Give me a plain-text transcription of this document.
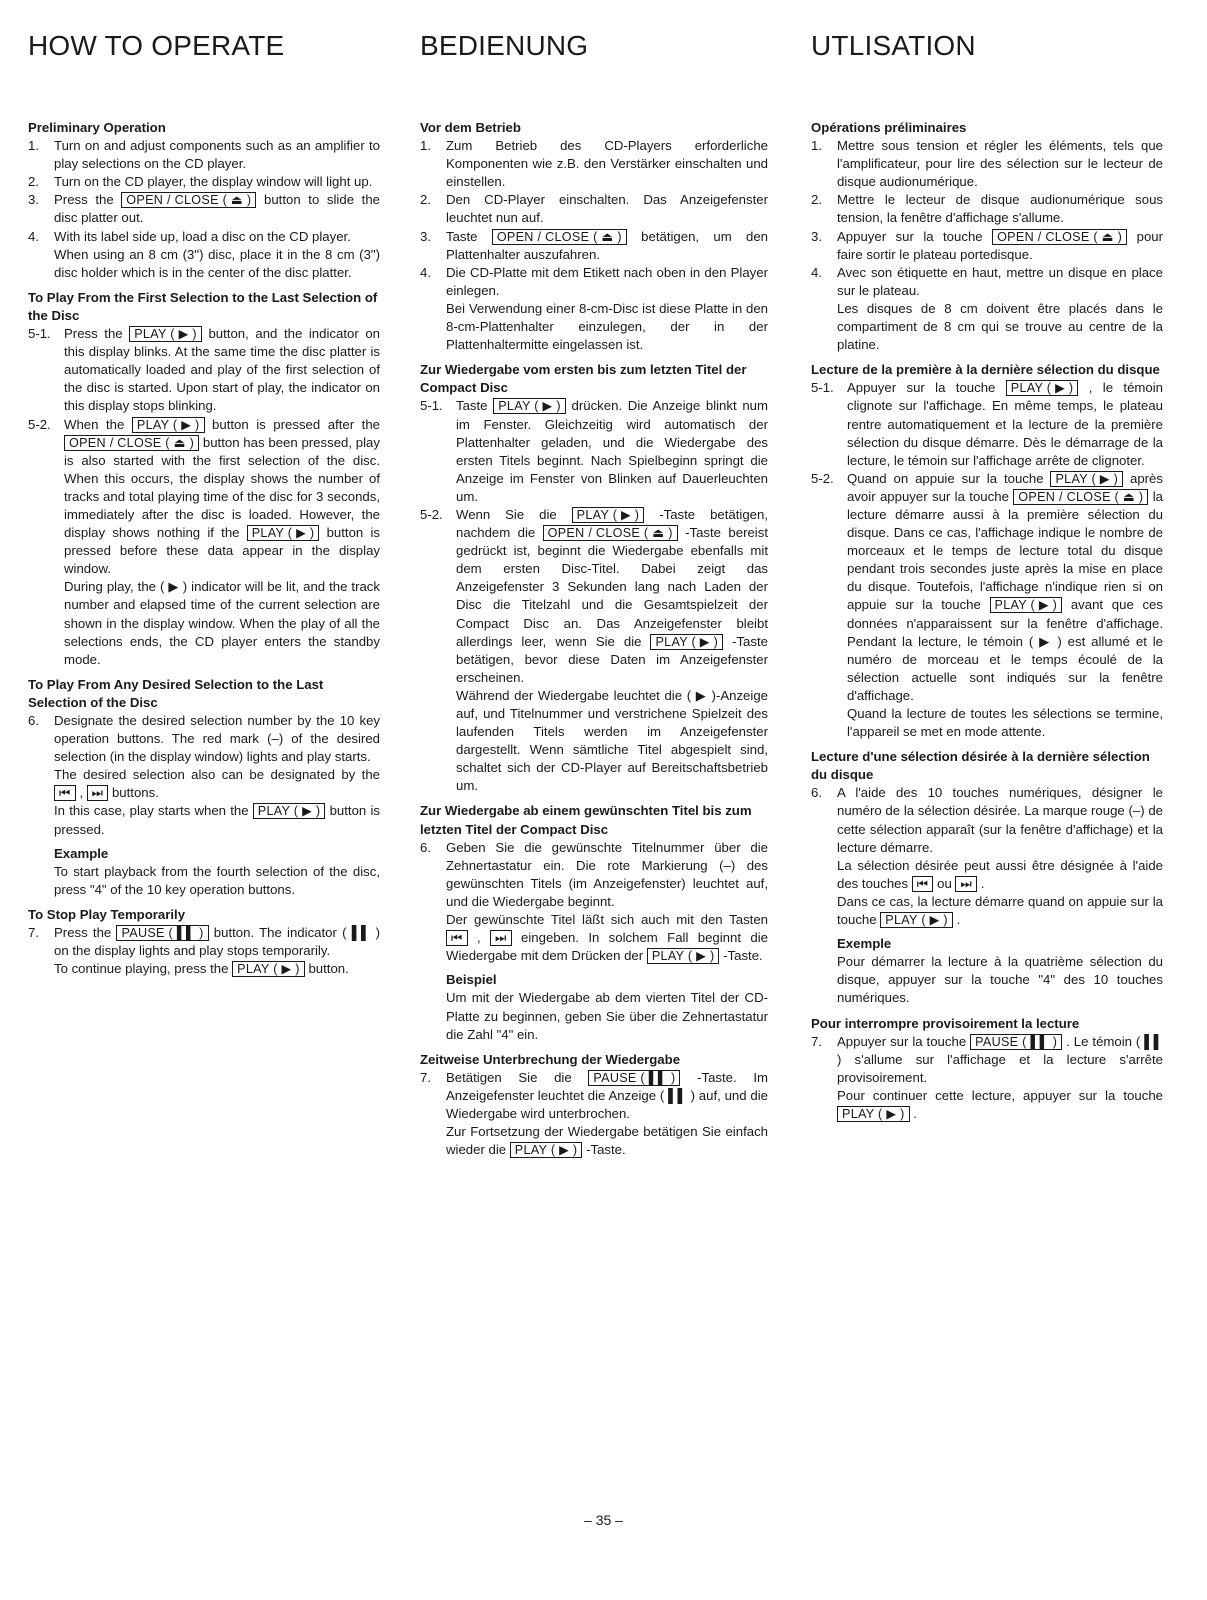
HOW TO OPERATE
Preliminary Operation
1.	Turn on and adjust components such as an amplifier to play selections on the CD player.
2.	Turn on the CD player, the display window will light up.
3.	Press the OPEN / CLOSE ( ⏏ ) button to slide the disc platter out.
4.	With its label side up, load a disc on the CD player.

When using an 8 cm (3") disc, place it in the 8 cm (3") disc holder which is in the center of the disc platter.

To Play From the First Selection to the Last Selection of the Disc
5-1.	Press the PLAY ( ▶ ) button, and the indicator on this display blinks. At the same time the disc platter is automatically loaded and play of the first selection of the disc is started. Upon start of play, the indicator on this display stops blinking.
5-2.	When the PLAY ( ▶ ) button is pressed after the OPEN / CLOSE ( ⏏ ) button has been pressed, play is also started with the first selection of the disc. When this occurs, the display shows the number of tracks and total playing time of the disc for 3 seconds, immediately after the disc is loaded. However, the display shows nothing if the PLAY ( ▶ ) button is pressed before these data appear in the display window.

During play, the ( ▶ ) indicator will be lit, and the track number and elapsed time of the current selection are shown in the display window. When the play of all the selections ends, the CD player enters the standby mode.

To Play From Any Desired Selection to the Last Selection of the Disc
6.	Designate the desired selection number by the 10 key operation buttons. The red mark (–) of the desired selection (in the display window) lights and play starts.

The desired selection also can be designated by the ⏮ , ⏭ buttons.

In this case, play starts when the PLAY ( ▶ ) button is pressed.

Example

To start playback from the fourth selection of the disc, press "4" of the 10 key operation buttons.

To Stop Play Temporarily
7.	Press the PAUSE ( ▌▌ ) button. The indicator ( ▌▌ ) on the display lights and play stops temporarily.

To continue playing, press the PLAY ( ▶ ) button.

BEDIENUNG
Vor dem Betrieb
1.	Zum Betrieb des CD-Players erforderliche Komponenten wie z.B. den Verstärker einschalten und einstellen.
2.	Den CD-Player einschalten. Das Anzeigefenster leuchtet nun auf.
3.	Taste OPEN / CLOSE ( ⏏ ) betätigen, um den Plattenhalter auszufahren.
4.	Die CD-Platte mit dem Etikett nach oben in den Player einlegen.

Bei Verwendung einer 8-cm-Disc ist diese Platte in den 8-cm-Plattenhalter einzulegen, der in der Plattenhaltermitte eingelassen ist.

Zur Wiedergabe vom ersten bis zum letzten Titel der Compact Disc
5-1.	Taste PLAY ( ▶ ) drücken. Die Anzeige blinkt num im Fenster. Gleichzeitig wird automatisch der Plattenhalter geladen, und die Wiedergabe des ersten Titels beginnt. Nach Spielbeginn springt die Anzeige im Fenster von Blinken auf Dauerleuchten um.
5-2.	Wenn Sie die PLAY ( ▶ ) -Taste betätigen, nachdem die OPEN / CLOSE ( ⏏ ) -Taste bereist gedrückt ist, beginnt die Wiedergabe ebenfalls mit dem ersten Disc-Titel. Dabei zeigt das Anzeigefenster 3 Sekunden lang nach Laden der Disc die Titelzahl und die Gesamtspielzeit der Compact Disc an. Das Anzeigefenster bleibt allerdings leer, wenn Sie die PLAY ( ▶ ) -Taste betätigen, bevor diese Daten im Anzeigefenster erscheinen.

Während der Wiedergabe leuchtet die ( ▶ )-Anzeige auf, und Titelnummer und verstrichene Spielzeit des laufenden Titels werden im Anzeigefenster dargestellt. Wenn sämtliche Titel abgespielt sind, schaltet sich der CD-Player auf Bereitschaftsbetrieb um.

Zur Wiedergabe ab einem gewünschten Titel bis zum letzten Titel der Compact Disc
6.	Geben Sie die gewünschte Titelnummer über die Zehnertastatur ein. Die rote Markierung (–) des gewünschten Titels (im Anzeigefenster) leuchtet auf, und die Wiedergabe beginnt.

Der gewünschte Titel läßt sich auch mit den Tasten ⏮ , ⏭ eingeben. In solchem Fall beginnt die Wiedergabe mit dem Drücken der PLAY ( ▶ ) -Taste.

Beispiel

Um mit der Wiedergabe ab dem vierten Titel der CD-Platte zu beginnen, geben Sie über die Zehnertastatur die Zahl "4" ein.

Zeitweise Unterbrechung der Wiedergabe
7.	Betätigen Sie die PAUSE ( ▌▌ ) -Taste. Im Anzeigefenster leuchtet die Anzeige ( ▌▌ ) auf, und die Wiedergabe wird unterbrochen.

Zur Fortsetzung der Wiedergabe betätigen Sie einfach wieder die PLAY ( ▶ ) -Taste.

UTLISATION
Opérations préliminaires
1.	Mettre sous tension et régler les éléments, tels que l'amplificateur, pour lire des sélection sur le lecteur de disque audionumérique.
2.	Mettre le lecteur de disque audionumérique sous tension, la fenêtre d'affichage s'allume.
3.	Appuyer sur la touche OPEN / CLOSE ( ⏏ ) pour faire sortir le plateau portedisque.
4.	Avec son étiquette en haut, mettre un disque en place sur le plateau.

Les disques de 8 cm doivent être placés dans le compartiment de 8 cm qui se trouve au centre de la platine.

Lecture de la première à la dernière sélection du disque
5-1.	Appuyer sur la touche PLAY ( ▶ ) , le témoin clignote sur l'affichage. En même temps, le plateau rentre automatiquement et la lecture de la première sélection du disque démarre. Dès le démarrage de la lecture, le témoin sur l'affichage arrête de clignoter.
5-2.	Quand on appuie sur la touche PLAY ( ▶ ) après avoir appuyer sur la touche OPEN / CLOSE ( ⏏ ) la lecture démarre aussi à la première sélection du disque. Dans ce cas, l'affichage indique le nombre de morceaux et le temps de lecture total du disque pendant trois secondes juste après la mise en place du disque. Toutefois, l'affichage n'indique rien si on appuie sur la touche PLAY ( ▶ ) avant que ces données n'apparaissent sur la fenêtre d'affichage. Pendant la lecture, le témoin ( ▶ ) est allumé et le numéro de morceau et le temps écoulé de la sélection actuelle sont indiqués sur la fenêtre d'affichage.

Quand la lecture de toutes les sélections se termine, l'appareil se met en mode attente.

Lecture d'une sélection désirée à la dernière sélection du disque
6.	A l'aide des 10 touches numériques, désigner le numéro de la sélection désirée. La marque rouge (–) de cette sélection apparaît (sur la fenêtre d'affichage) et la lecture démarre.

La sélection désirée peut aussi être désignée à l'aide des touches ⏮ ou ⏭ .

Dans ce cas, la lecture démarre quand on appuie sur la touche PLAY ( ▶ ) .

Exemple

Pour démarrer la lecture à la quatrième sélection du disque, appuyer sur la touche "4" des 10 touches numériques.

Pour interrompre provisoirement la lecture
7.	Appuyer sur la touche PAUSE ( ▌▌ ) . Le témoin ( ▌▌ ) s'allume sur l'affichage et la lecture s'arrête provisoirement.

Pour continuer cette lecture, appuyer sur la touche PLAY ( ▶ ) .

– 35 –
